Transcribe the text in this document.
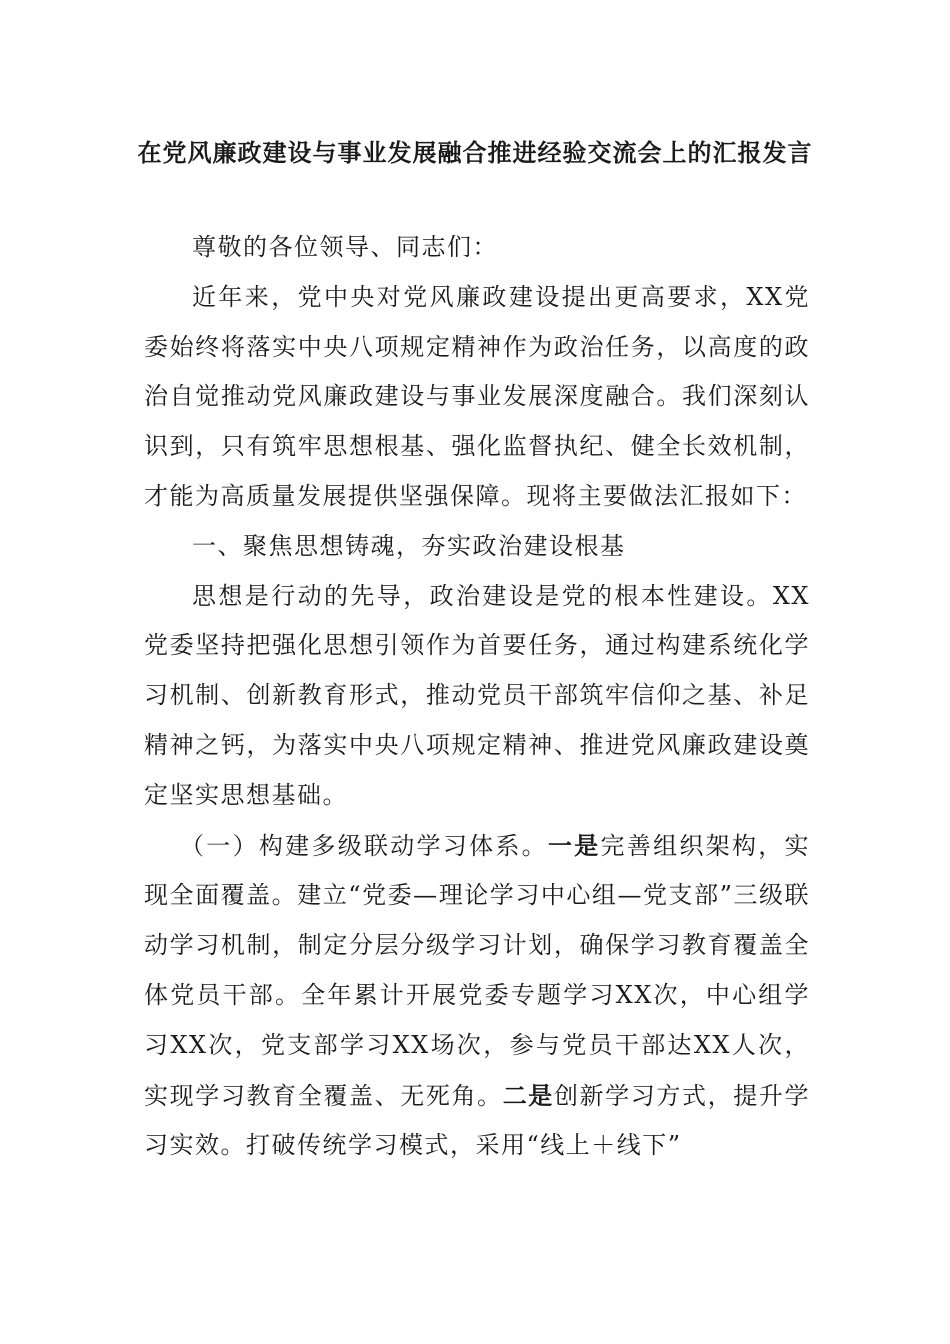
在党风廉政建设与事业发展融合推进经验交流会上的汇报发言

尊敬的各位领导、同志们：

近年来，党中央对党风廉政建设提出更高要求，XX党委始终将落实中央八项规定精神作为政治任务，以高度的政治自觉推动党风廉政建设与事业发展深度融合。我们深刻认识到，只有筑牢思想根基、强化监督执纪、健全长效机制，才能为高质量发展提供坚强保障。现将主要做法汇报如下：

一、聚焦思想铸魂，夯实政治建设根基

思想是行动的先导，政治建设是党的根本性建设。XX党委坚持把强化思想引领作为首要任务，通过构建系统化学习机制、创新教育形式，推动党员干部筑牢信仰之基、补足精神之钙，为落实中央八项规定精神、推进党风廉政建设奠定坚实思想基础。

（一）构建多级联动学习体系。一是完善组织架构，实现全面覆盖。建立“党委—理论学习中心组—党支部”三级联动学习机制，制定分层分级学习计划，确保学习教育覆盖全体党员干部。全年累计开展党委专题学习XX次，中心组学习XX次，党支部学习XX场次，参与党员干部达XX人次，实现学习教育全覆盖、无死角。二是创新学习方式，提升学习实效。打破传统学习模式，采用“线上＋线下”
